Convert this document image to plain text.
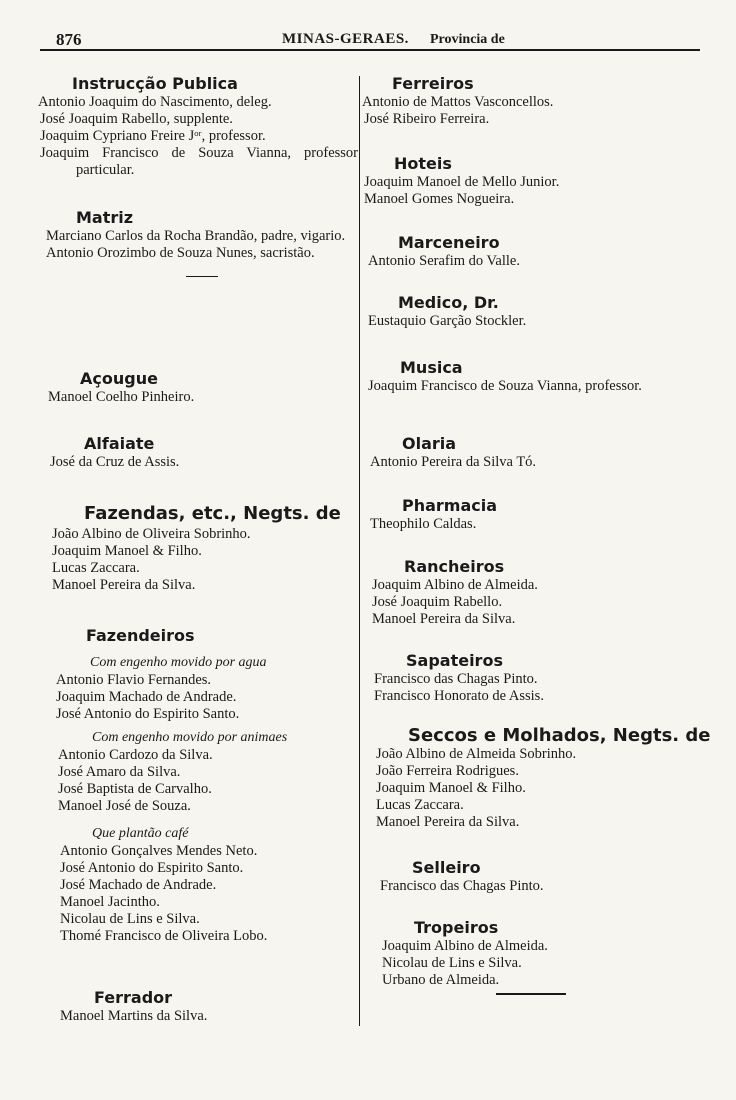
876	MINAS-GERAES. Provincia de
Instrucção Publica
Antonio Joaquim do Nascimento, deleg.
José Joaquim Rabello, supplente.
Joaquim Cypriano Freire Jᵒʳ, professor.
Joaquim Francisco de Souza Vianna, professor particular.
Matriz
Marciano Carlos da Rocha Brandão, padre, vigario.
Antonio Orozimbo de Souza Nunes, sacristão.
Açougue
Manoel Coelho Pinheiro.
Alfaiate
José da Cruz de Assis.
Fazendas, etc., Negts. de
João Albino de Oliveira Sobrinho.
Joaquim Manoel & Filho.
Lucas Zaccara.
Manoel Pereira da Silva.
Fazendeiros
Com engenho movido por agua
Antonio Flavio Fernandes.
Joaquim Machado de Andrade.
José Antonio do Espirito Santo.
Com engenho movido por animaes
Antonio Cardozo da Silva.
José Amaro da Silva.
José Baptista de Carvalho.
Manoel José de Souza.
Que plantão café
Antonio Gonçalves Mendes Neto.
José Antonio do Espirito Santo.
José Machado de Andrade.
Manoel Jacintho.
Nicolau de Lins e Silva.
Thomé Francisco de Oliveira Lobo.
Ferrador
Manoel Martins da Silva.
Ferreiros
Antonio de Mattos Vasconcellos.
José Ribeiro Ferreira.
Hoteis
Joaquim Manoel de Mello Junior.
Manoel Gomes Nogueira.
Marceneiro
Antonio Serafim do Valle.
Medico, Dr.
Eustaquio Garção Stockler.
Musica
Joaquim Francisco de Souza Vianna, professor.
Olaria
Antonio Pereira da Silva Tó.
Pharmacia
Theophilo Caldas.
Rancheiros
Joaquim Albino de Almeida.
José Joaquim Rabello.
Manoel Pereira da Silva.
Sapateiros
Francisco das Chagas Pinto.
Francisco Honorato de Assis.
Seccos e Molhados, Negts. de
João Albino de Almeida Sobrinho.
João Ferreira Rodrigues.
Joaquim Manoel & Filho.
Lucas Zaccara.
Manoel Pereira da Silva.
Selleiro
Francisco das Chagas Pinto.
Tropeiros
Joaquim Albino de Almeida.
Nicolau de Lins e Silva.
Urbano de Almeida.
